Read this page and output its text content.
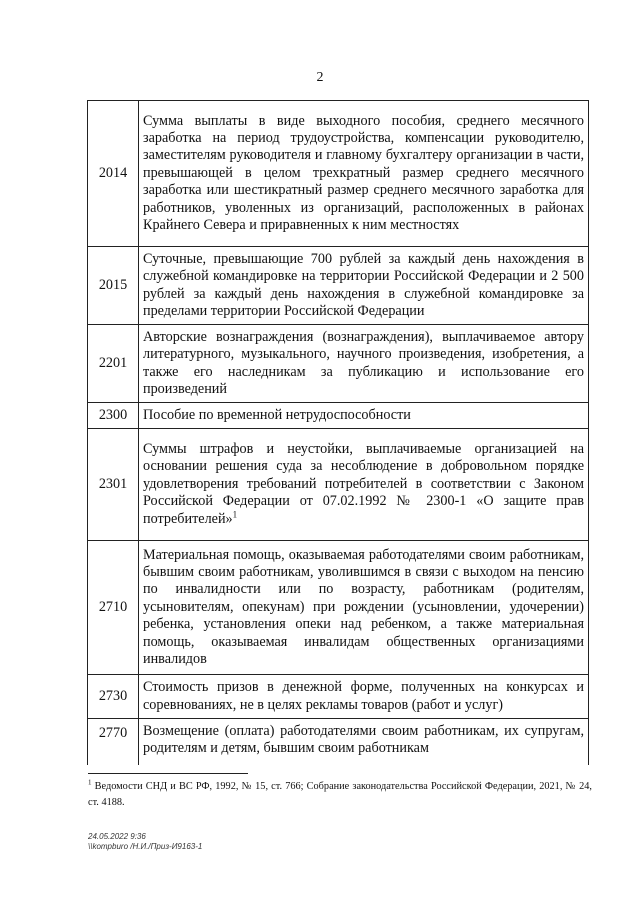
2
2014	Сумма выплаты в виде выходного пособия, среднего месячного заработка на период трудоустройства, компенсации руководителю, заместителям руководителя и главному бухгалтеру организации в части, превышающей в целом трехкратный размер среднего месячного заработка или шестикратный размер среднего месячного заработка для работников, уволенных из организаций, расположенных в районах Крайнего Севера и приравненных к ним местностях
2015	Суточные, превышающие 700 рублей за каждый день нахождения в служебной командировке на территории Российской Федерации и 2 500 рублей за каждый день нахождения в служебной командировке за пределами территории Российской Федерации
2201	Авторские вознаграждения (вознаграждения), выплачиваемое автору литературного, музыкального, научного произведения, изобретения, а также его наследникам за публикацию и использование его произведений
2300	Пособие по временной нетрудоспособности
2301	Суммы штрафов и неустойки, выплачиваемые организацией на основании решения суда за несоблюдение в добровольном порядке удовлетворения требований потребителей в соответствии с Законом Российской Федерации от 07.02.1992 № 2300-1 «О защите прав потребителей»$^1$
2710	Материальная помощь, оказываемая работодателями своим работникам, бывшим своим работникам, уволившимся в связи с выходом на пенсию по инвалидности или по возрасту, работникам (родителям, усыновителям, опекунам) при рождении (усыновлении, удочерении) ребенка, установления опеки над ребенком, а также материальная помощь, оказываемая инвалидам общественных организациями инвалидов
2730	Стоимость призов в денежной форме, полученных на конкурсах и соревнованиях, не в целях рекламы товаров (работ и услуг)
2770	Возмещение (оплата) работодателями своим работникам, их супругам, родителям и детям, бывшим своим работникам
$^1$ Ведомости СНД и ВС РФ, 1992, № 15, ст. 766; Собрание законодательства Российской Федерации, 2021, № 24, ст. 4188.
24.05.2022 9:36
\\kompburo /Н.И./Приз-И9163-1
